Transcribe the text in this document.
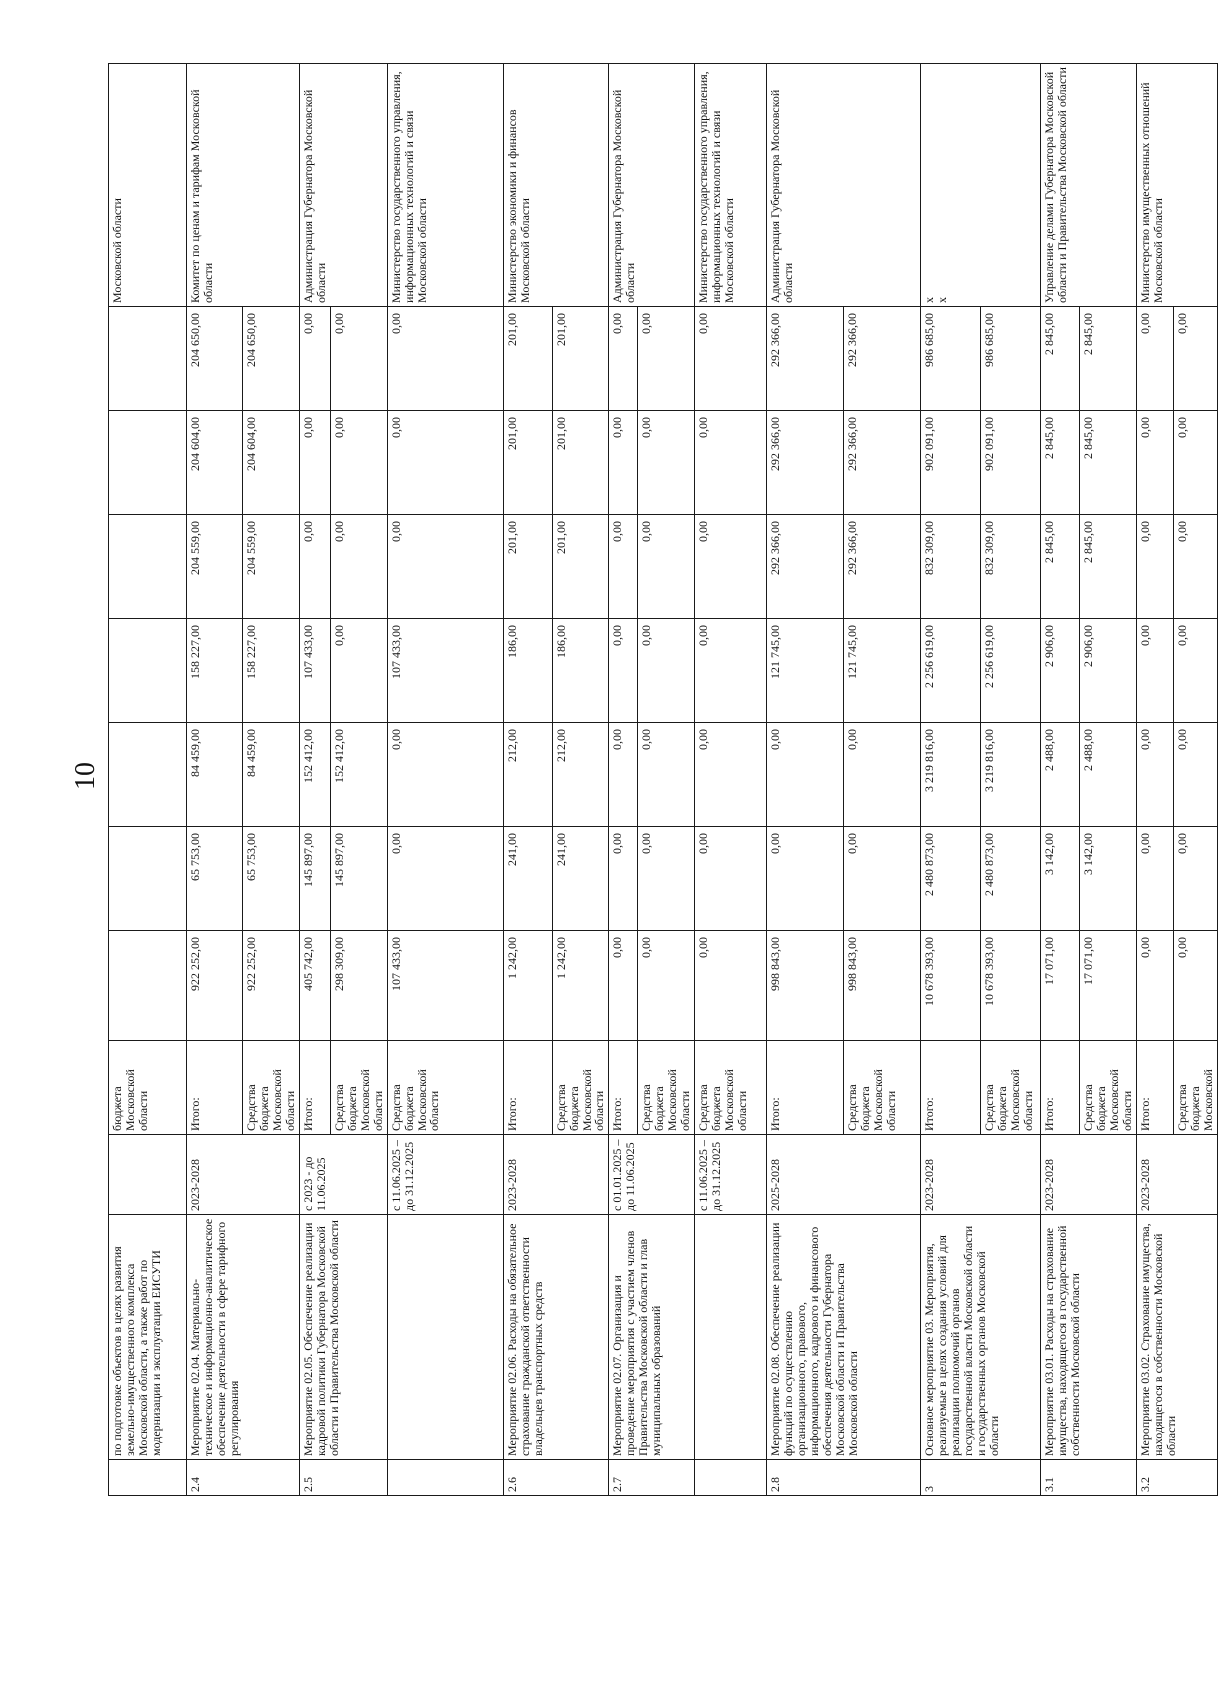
10
	по подготовке объектов в целях развития земельно-имущественного комплекса Московской области, а также работ по модернизации и эксплуатации ЕИСУТИ		бюджета Московской области								Московской области

2.4	Мероприятие 02.04. Материально-техническое и информационно-аналитическое обеспечение деятельности в сфере тарифного регулирования	2023-2028	Итого:	922 252,00	65 753,00	84 459,00	158 227,00	204 559,00	204 604,00	204 650,00	Комитет по ценам и тарифам Московской области

			Средства бюджета Московской области	922 252,00	65 753,00	84 459,00	158 227,00	204 559,00	204 604,00	204 650,00	
2.5	Мероприятие 02.05. Обеспечение реализации кадровой политики Губернатора Московской области и Правительства Московской области	с 2023 - до 11.06.2025	Итого:	405 742,00	145 897,00	152 412,00	107 433,00	0,00	0,00	0,00	Администрация Губернатора Московской области

			Средства бюджета Московской области	298 309,00	145 897,00	152 412,00	0,00	0,00	0,00	0,00	
		с 11.06.2025 – до 31.12.2025	Средства бюджета Московской области	107 433,00	0,00	0,00	107 433,00	0,00	0,00	0,00	Министерство государственного управления, информационных технологий и связи Московской области

2.6	Мероприятие 02.06. Расходы на обязательное страхование гражданской ответственности владельцев транспортных средств	2023-2028	Итого:	1 242,00	241,00	212,00	186,00	201,00	201,00	201,00	Министерство экономики и финансов Московской области

			Средства бюджета Московской области	1 242,00	241,00	212,00	186,00	201,00	201,00	201,00	
2.7	Мероприятие 02.07. Организация и проведение мероприятия с участием членов Правительства Московской области и глав муниципальных образований	с 01.01.2025 – до 11.06.2025	Итого:	0,00	0,00	0,00	0,00	0,00	0,00	0,00	Администрация Губернатора Московской области

			Средства бюджета Московской области	0,00	0,00	0,00	0,00	0,00	0,00	0,00	
		с 11.06.2025 – до 31.12.2025	Средства бюджета Московской области	0,00	0,00	0,00	0,00	0,00	0,00	0,00	Министерство государственного управления, информационных технологий и связи Московской области

2.8	Мероприятие 02.08. Обеспечение реализации функций по осуществлению организационного, правового, информационного, кадрового и финансового обеспечения деятельности Губернатора Московской области и Правительства Московской области	2025-2028	Итого:	998 843,00	0,00	0,00	121 745,00	292 366,00	292 366,00	292 366,00	Администрация Губернатора Московской области

			Средства бюджета Московской области	998 843,00	0,00	0,00	121 745,00	292 366,00	292 366,00	292 366,00	
3	Основное мероприятие 03. Мероприятия, реализуемые в целях создания условий для реализации полномочий органов государственной власти Московской области и государственных органов Московской области	2023-2028	Итого:	10 678 393,00	2 480 873,00	3 219 816,00	2 256 619,00	832 309,00	902 091,00	986 685,00	х
х

			Средства бюджета Московской области	10 678 393,00	2 480 873,00	3 219 816,00	2 256 619,00	832 309,00	902 091,00	986 685,00	
3.1	Мероприятие 03.01. Расходы на страхование имущества, находящегося в государственной собственности Московской области	2023-2028	Итого:	17 071,00	3 142,00	2 488,00	2 906,00	2 845,00	2 845,00	2 845,00	Управление делами Губернатора Московской области и Правительства Московской области

			Средства бюджета Московской области	17 071,00	3 142,00	2 488,00	2 906,00	2 845,00	2 845,00	2 845,00	
3.2	Мероприятие 03.02. Страхование имущества, находящегося в собственности Московской области	2023-2028	Итого:	0,00	0,00	0,00	0,00	0,00	0,00	0,00	Министерство имущественных отношений Московской области

			Средства бюджета Московской	0,00	0,00	0,00	0,00	0,00	0,00	0,00	
